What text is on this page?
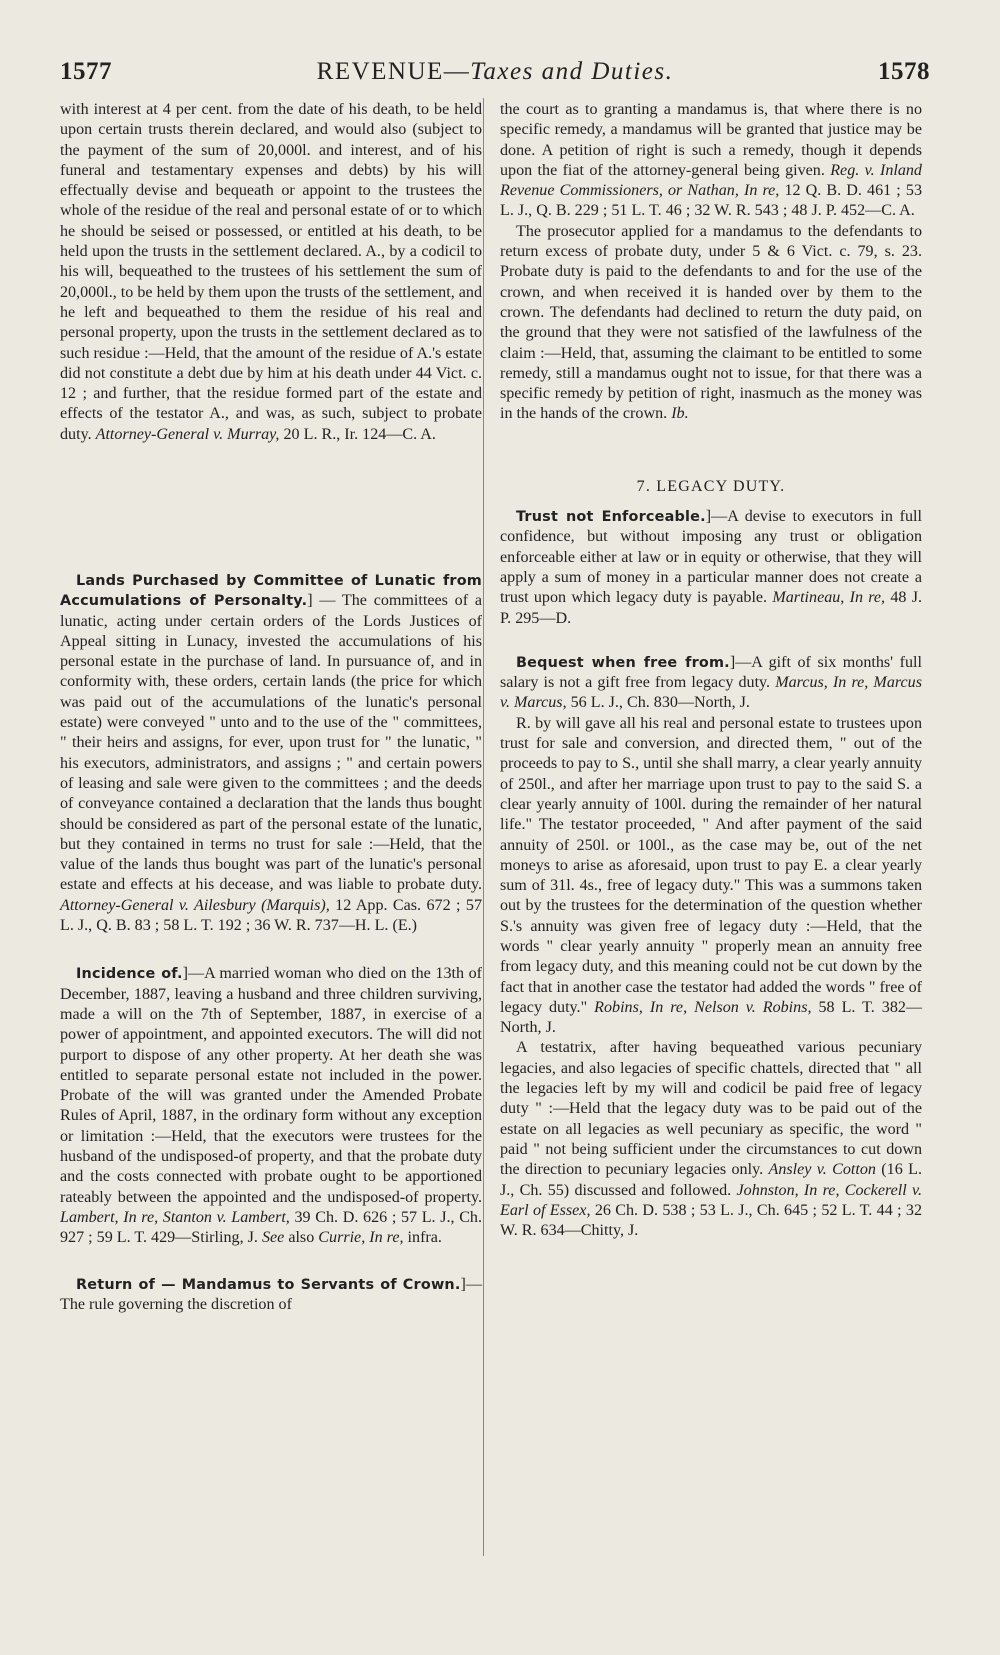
1577	REVENUE—Taxes and Duties.	1578

with interest at 4 per cent. from the date of his death, to be held upon certain trusts therein declared, and would also (subject to the payment of the sum of 20,000l. and interest, and of his funeral and testamentary expenses and debts) by his will effectually devise and bequeath or appoint to the trustees the whole of the residue of the real and personal estate of or to which he should be seised or possessed, or entitled at his death, to be held upon the trusts in the settlement declared. A., by a codicil to his will, bequeathed to the trustees of his settlement the sum of 20,000l., to be held by them upon the trusts of the settlement, and he left and bequeathed to them the residue of his real and personal property, upon the trusts in the settlement declared as to such residue :—Held, that the amount of the residue of A.'s estate did not constitute a debt due by him at his death under 44 Vict. c. 12 ; and further, that the residue formed part of the estate and effects of the testator A., and was, as such, subject to probate duty. Attorney-General v. Murray, 20 L. R., Ir. 124—C. A.

Lands Purchased by Committee of Lunatic from Accumulations of Personalty.] — The committees of a lunatic, acting under certain orders of the Lords Justices of Appeal sitting in Lunacy, invested the accumulations of his personal estate in the purchase of land. In pursuance of, and in conformity with, these orders, certain lands (the price for which was paid out of the accumulations of the lunatic's personal estate) were conveyed " unto and to the use of the " committees, " their heirs and assigns, for ever, upon trust for " the lunatic, " his executors, administrators, and assigns ; " and certain powers of leasing and sale were given to the committees ; and the deeds of conveyance contained a declaration that the lands thus bought should be considered as part of the personal estate of the lunatic, but they contained in terms no trust for sale :—Held, that the value of the lands thus bought was part of the lunatic's personal estate and effects at his decease, and was liable to probate duty. Attorney-General v. Ailesbury (Marquis), 12 App. Cas. 672 ; 57 L. J., Q. B. 83 ; 58 L. T. 192 ; 36 W. R. 737—H. L. (E.)

Incidence of.]—A married woman who died on the 13th of December, 1887, leaving a husband and three children surviving, made a will on the 7th of September, 1887, in exercise of a power of appointment, and appointed executors. The will did not purport to dispose of any other property. At her death she was entitled to separate personal estate not included in the power. Probate of the will was granted under the Amended Probate Rules of April, 1887, in the ordinary form without any exception or limitation :—Held, that the executors were trustees for the husband of the undisposed-of property, and that the probate duty and the costs connected with probate ought to be apportioned rateably between the appointed and the undisposed-of property. Lambert, In re, Stanton v. Lambert, 39 Ch. D. 626 ; 57 L. J., Ch. 927 ; 59 L. T. 429—Stirling, J. See also Currie, In re, infra.

Return of — Mandamus to Servants of Crown.]—The rule governing the discretion of

the court as to granting a mandamus is, that where there is no specific remedy, a mandamus will be granted that justice may be done. A petition of right is such a remedy, though it depends upon the fiat of the attorney-general being given. Reg. v. Inland Revenue Commissioners, or Nathan, In re, 12 Q. B. D. 461 ; 53 L. J., Q. B. 229 ; 51 L. T. 46 ; 32 W. R. 543 ; 48 J. P. 452—C. A.

The prosecutor applied for a mandamus to the defendants to return excess of probate duty, under 5 & 6 Vict. c. 79, s. 23. Probate duty is paid to the defendants to and for the use of the crown, and when received it is handed over by them to the crown. The defendants had declined to return the duty paid, on the ground that they were not satisfied of the lawfulness of the claim :—Held, that, assuming the claimant to be entitled to some remedy, still a mandamus ought not to issue, for that there was a specific remedy by petition of right, inasmuch as the money was in the hands of the crown. Ib.

7. LEGACY DUTY.

Trust not Enforceable.]—A devise to executors in full confidence, but without imposing any trust or obligation enforceable either at law or in equity or otherwise, that they will apply a sum of money in a particular manner does not create a trust upon which legacy duty is payable. Martineau, In re, 48 J. P. 295—D.

Bequest when free from.]—A gift of six months' full salary is not a gift free from legacy duty. Marcus, In re, Marcus v. Marcus, 56 L. J., Ch. 830—North, J.

R. by will gave all his real and personal estate to trustees upon trust for sale and conversion, and directed them, " out of the proceeds to pay to S., until she shall marry, a clear yearly annuity of 250l., and after her marriage upon trust to pay to the said S. a clear yearly annuity of 100l. during the remainder of her natural life." The testator proceeded, " And after payment of the said annuity of 250l. or 100l., as the case may be, out of the net moneys to arise as aforesaid, upon trust to pay E. a clear yearly sum of 31l. 4s., free of legacy duty." This was a summons taken out by the trustees for the determination of the question whether S.'s annuity was given free of legacy duty :—Held, that the words " clear yearly annuity " properly mean an annuity free from legacy duty, and this meaning could not be cut down by the fact that in another case the testator had added the words " free of legacy duty." Robins, In re, Nelson v. Robins, 58 L. T. 382—North, J.

A testatrix, after having bequeathed various pecuniary legacies, and also legacies of specific chattels, directed that " all the legacies left by my will and codicil be paid free of legacy duty " :—Held that the legacy duty was to be paid out of the estate on all legacies as well pecuniary as specific, the word " paid " not being sufficient under the circumstances to cut down the direction to pecuniary legacies only. Ansley v. Cotton (16 L. J., Ch. 55) discussed and followed. Johnston, In re, Cockerell v. Earl of Essex, 26 Ch. D. 538 ; 53 L. J., Ch. 645 ; 52 L. T. 44 ; 32 W. R. 634—Chitty, J.
